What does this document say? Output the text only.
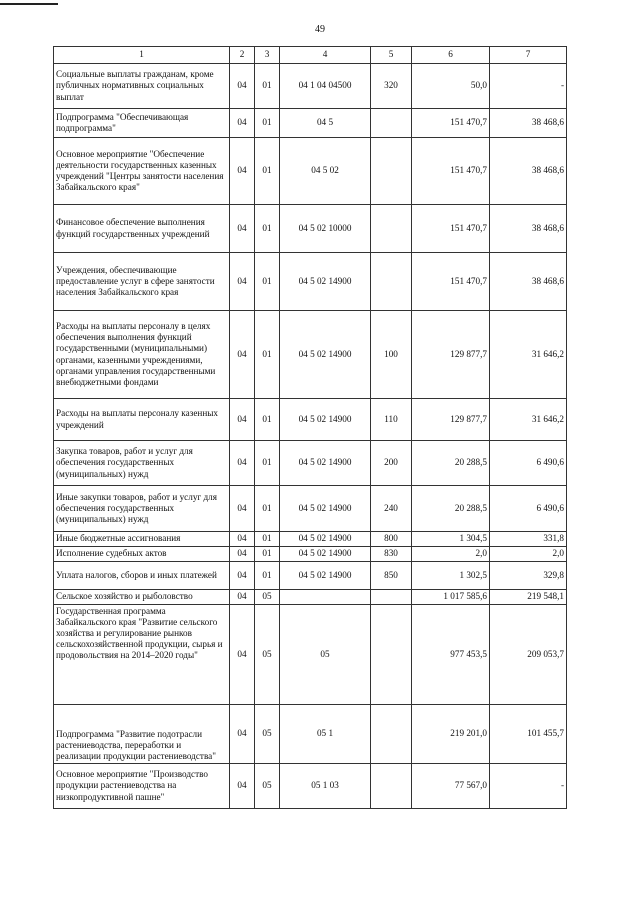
49
1	2	3	4	5	6	7
Социальные выплаты гражданам, кроме публичных нормативных социальных выплат	04	01	04 1 04 04500	320	50,0	-
Подпрограмма "Обеспечивающая подпрограмма"	04	01	04 5		151 470,7	38 468,6
Основное мероприятие "Обеспечение деятельности государственных казенных учреждений "Центры занятости населения Забайкальского края"	04	01	04 5 02		151 470,7	38 468,6
Финансовое обеспечение выполнения функций государственных учреждений	04	01	04 5 02 10000		151 470,7	38 468,6
Учреждения, обеспечивающие предоставление услуг в сфере занятости населения Забайкальского края	04	01	04 5 02 14900		151 470,7	38 468,6
Расходы на выплаты персоналу в целях обеспечения выполнения функций государственными (муниципальными) органами, казенными учреждениями, органами управления государственными внебюджетными фондами	04	01	04 5 02 14900	100	129 877,7	31 646,2
Расходы на выплаты персоналу казенных учреждений	04	01	04 5 02 14900	110	129 877,7	31 646,2
Закупка товаров, работ и услуг для обеспечения государственных (муниципальных) нужд	04	01	04 5 02 14900	200	20 288,5	6 490,6
Иные закупки товаров, работ и услуг для обеспечения государственных (муниципальных) нужд	04	01	04 5 02 14900	240	20 288,5	6 490,6
Иные бюджетные ассигнования	04	01	04 5 02 14900	800	1 304,5	331,8
Исполнение судебных актов	04	01	04 5 02 14900	830	2,0	2,0
Уплата налогов, сборов и иных платежей	04	01	04 5 02 14900	850	1 302,5	329,8
Сельское хозяйство и рыболовство	04	05			1 017 585,6	219 548,1
Государственная программа Забайкальского края "Развитие сельского хозяйства и регулирование рынков сельскохозяйственной продукции, сырья и продовольствия на 2014–2020 годы"	04	05	05		977 453,5	209 053,7
Подпрограмма "Развитие подотрасли растениеводства, переработки и реализации продукции растениеводства"	04	05	05 1		219 201,0	101 455,7
Основное мероприятие "Производство продукции растениеводства на низкопродуктивной пашне"	04	05	05 1 03		77 567,0	-
